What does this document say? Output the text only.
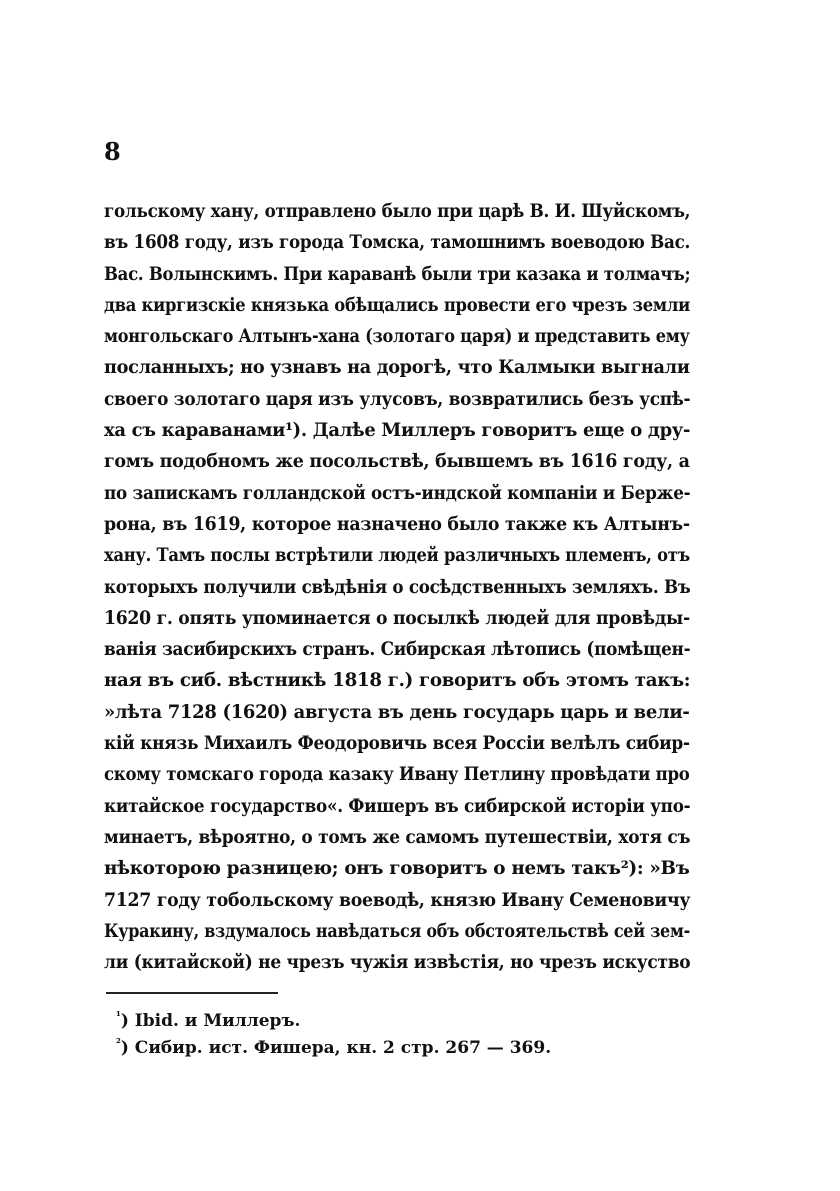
8
гольскому хану, отправлено было при царѣ В. И. Шуйскомъ,
въ 1608 году, изъ города Томска, тамошнимъ воеводою Вас.
Вас. Волынскимъ. При караванѣ были три казака и толмачъ;
два киргизскіе князька обѣщались провести его чрезъ земли
монгольскаго Алтынъ-хана (золотаго царя) и представить ему
посланныхъ; но узнавъ на дорогѣ, что Калмыки выгнали
своего золотаго царя изъ улусовъ, возвратились безъ успѣ-
ха съ караванами¹). Далѣе Миллеръ говоритъ еще о дру-
гомъ подобномъ же посольствѣ, бывшемъ въ 1616 году, а
по запискамъ голландской остъ-индской компаніи и Берже-
рона, въ 1619, которое назначено было также къ Алтынъ-
хану. Тамъ послы встрѣтили людей различныхъ племенъ, отъ
которыхъ получили свѣдѣнія о сосѣдственныхъ земляхъ. Въ
1620 г. опять упоминается о посылкѣ людей для провѣды-
ванія засибирскихъ странъ. Сибирская лѣтопись (помѣщен-
ная въ сиб. вѣстникѣ 1818 г.) говоритъ объ этомъ такъ:
»лѣта 7128 (1620) августа въ день государь царь и вели-
кій князь Михаилъ Феодоровичь всея Россіи велѣлъ сибир-
скому томскаго города казаку Ивану Петлину провѣдати про
китайское государство«. Фишеръ въ сибирской исторіи упо-
минаетъ, вѣроятно, о томъ же самомъ путешествіи, хотя съ
нѣкоторою разницею; онъ говоритъ о немъ такъ²): »Въ
7127 году тобольскому воеводѣ, князю Ивану Семеновичу
Куракину, вздумалось навѣдаться объ обстоятельствѣ сей зем-
ли (китайской) не чрезъ чужія извѣстія, но чрезъ искуство
$^{^1}$) Ibid. и Миллеръ.
$^{^2}$) Сибир. ист. Фишера, кн. 2 стр. 267 — 369.
